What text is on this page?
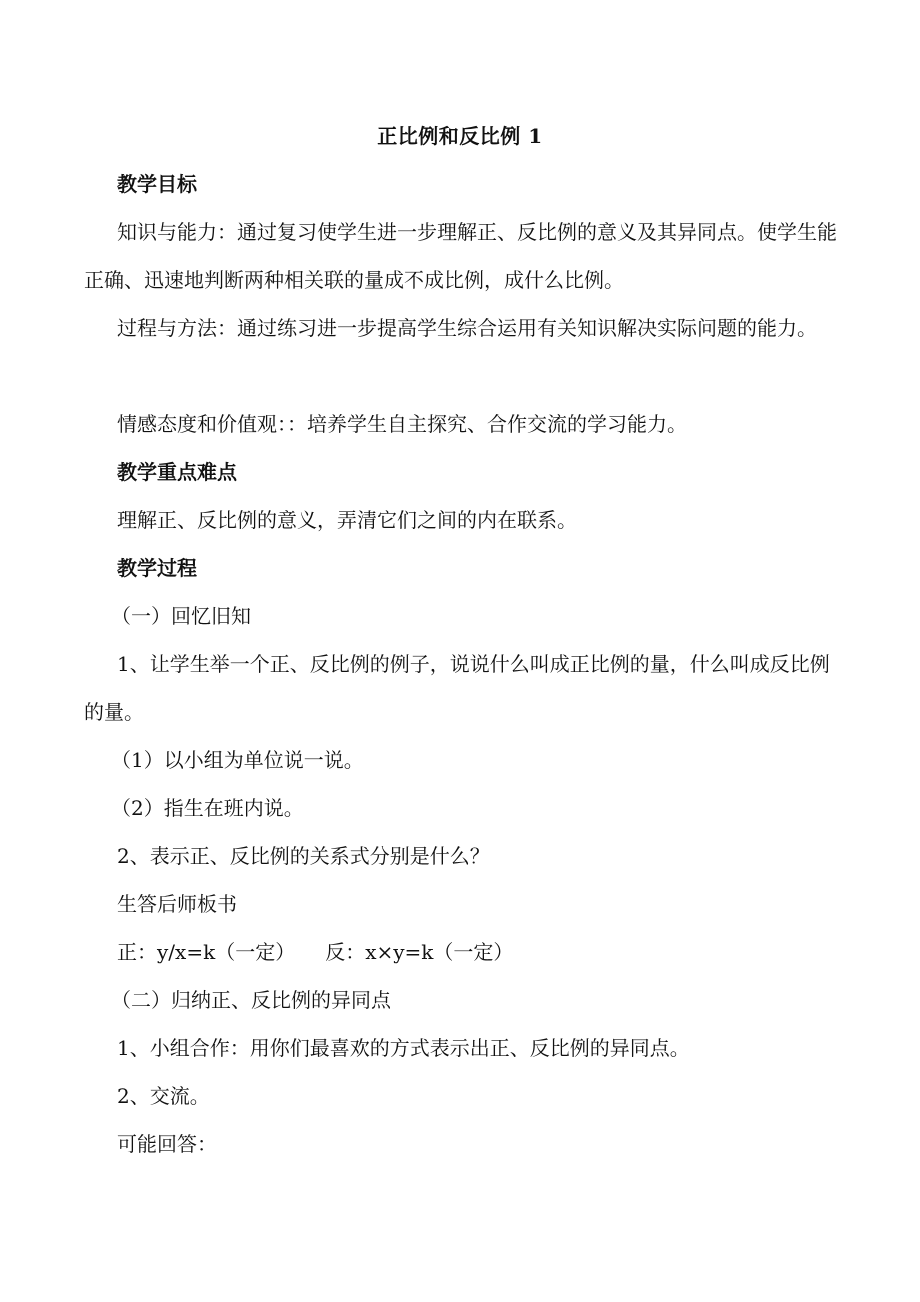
正比例和反比例 1
教学目标
知识与能力：通过复习使学生进一步理解正、反比例的意义及其异同点。使学生能正确、迅速地判断两种相关联的量成不成比例，成什么比例。
过程与方法：通过练习进一步提高学生综合运用有关知识解决实际问题的能力。
情感态度和价值观：：培养学生自主探究、合作交流的学习能力。
教学重点难点
理解正、反比例的意义，弄清它们之间的内在联系。
教学过程
（一）回忆旧知
1、让学生举一个正、反比例的例子，说说什么叫成正比例的量，什么叫成反比例的量。
（1）以小组为单位说一说。
（2）指生在班内说。
2、表示正、反比例的关系式分别是什么？
生答后师板书
正：y/x=k（一定）　　反：x×y=k（一定）
（二）归纳正、反比例的异同点
1、小组合作：用你们最喜欢的方式表示出正、反比例的异同点。
2、交流。
可能回答：
